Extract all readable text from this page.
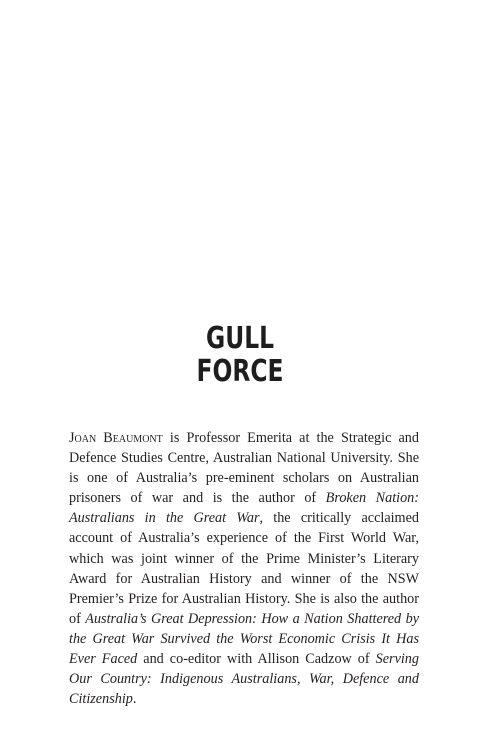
GULL
FORCE

Joan Beaumont is Professor Emerita at the Strategic and Defence Studies Centre, Australian National University. She is one of Australia’s pre-eminent scholars on Australian prisoners of war and is the author of Broken Nation: Australians in the Great War, the critically acclaimed account of Australia’s experience of the First World War, which was joint winner of the Prime Minister’s Literary Award for Australian History and winner of the NSW Premier’s Prize for Australian History. She is also the author of Australia’s Great Depression: How a Nation Shattered by the Great War Survived the Worst Economic Crisis It Has Ever Faced and co-editor with Allison Cadzow of Serving Our Country: Indigenous Australians, War, Defence and Citizenship.
